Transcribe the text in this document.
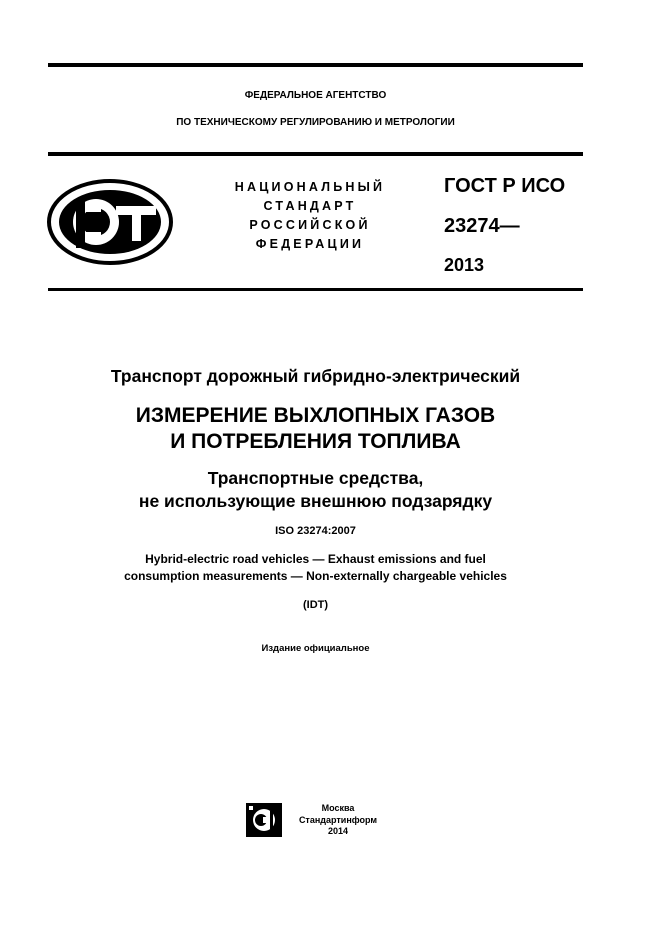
ФЕДЕРАЛЬНОЕ АГЕНТСТВО
ПО ТЕХНИЧЕСКОМУ РЕГУЛИРОВАНИЮ И МЕТРОЛОГИИ
НАЦИОНАЛЬНЫЙ
СТАНДАРТ
РОССИЙСКОЙ
ФЕДЕРАЦИИ
ГОСТ Р ИСО
23274—
2013
Транспорт дорожный гибридно-электрический
ИЗМЕРЕНИЕ ВЫХЛОПНЫХ ГАЗОВ
И ПОТРЕБЛЕНИЯ ТОПЛИВА
Транспортные средства,
не использующие внешнюю подзарядку
ISO 23274:2007
Hybrid-electric road vehicles — Exhaust emissions and fuel
consumption measurements — Non-externally chargeable vehicles
(IDT)
Издание официальное
Москва
Стандартинформ
2014
